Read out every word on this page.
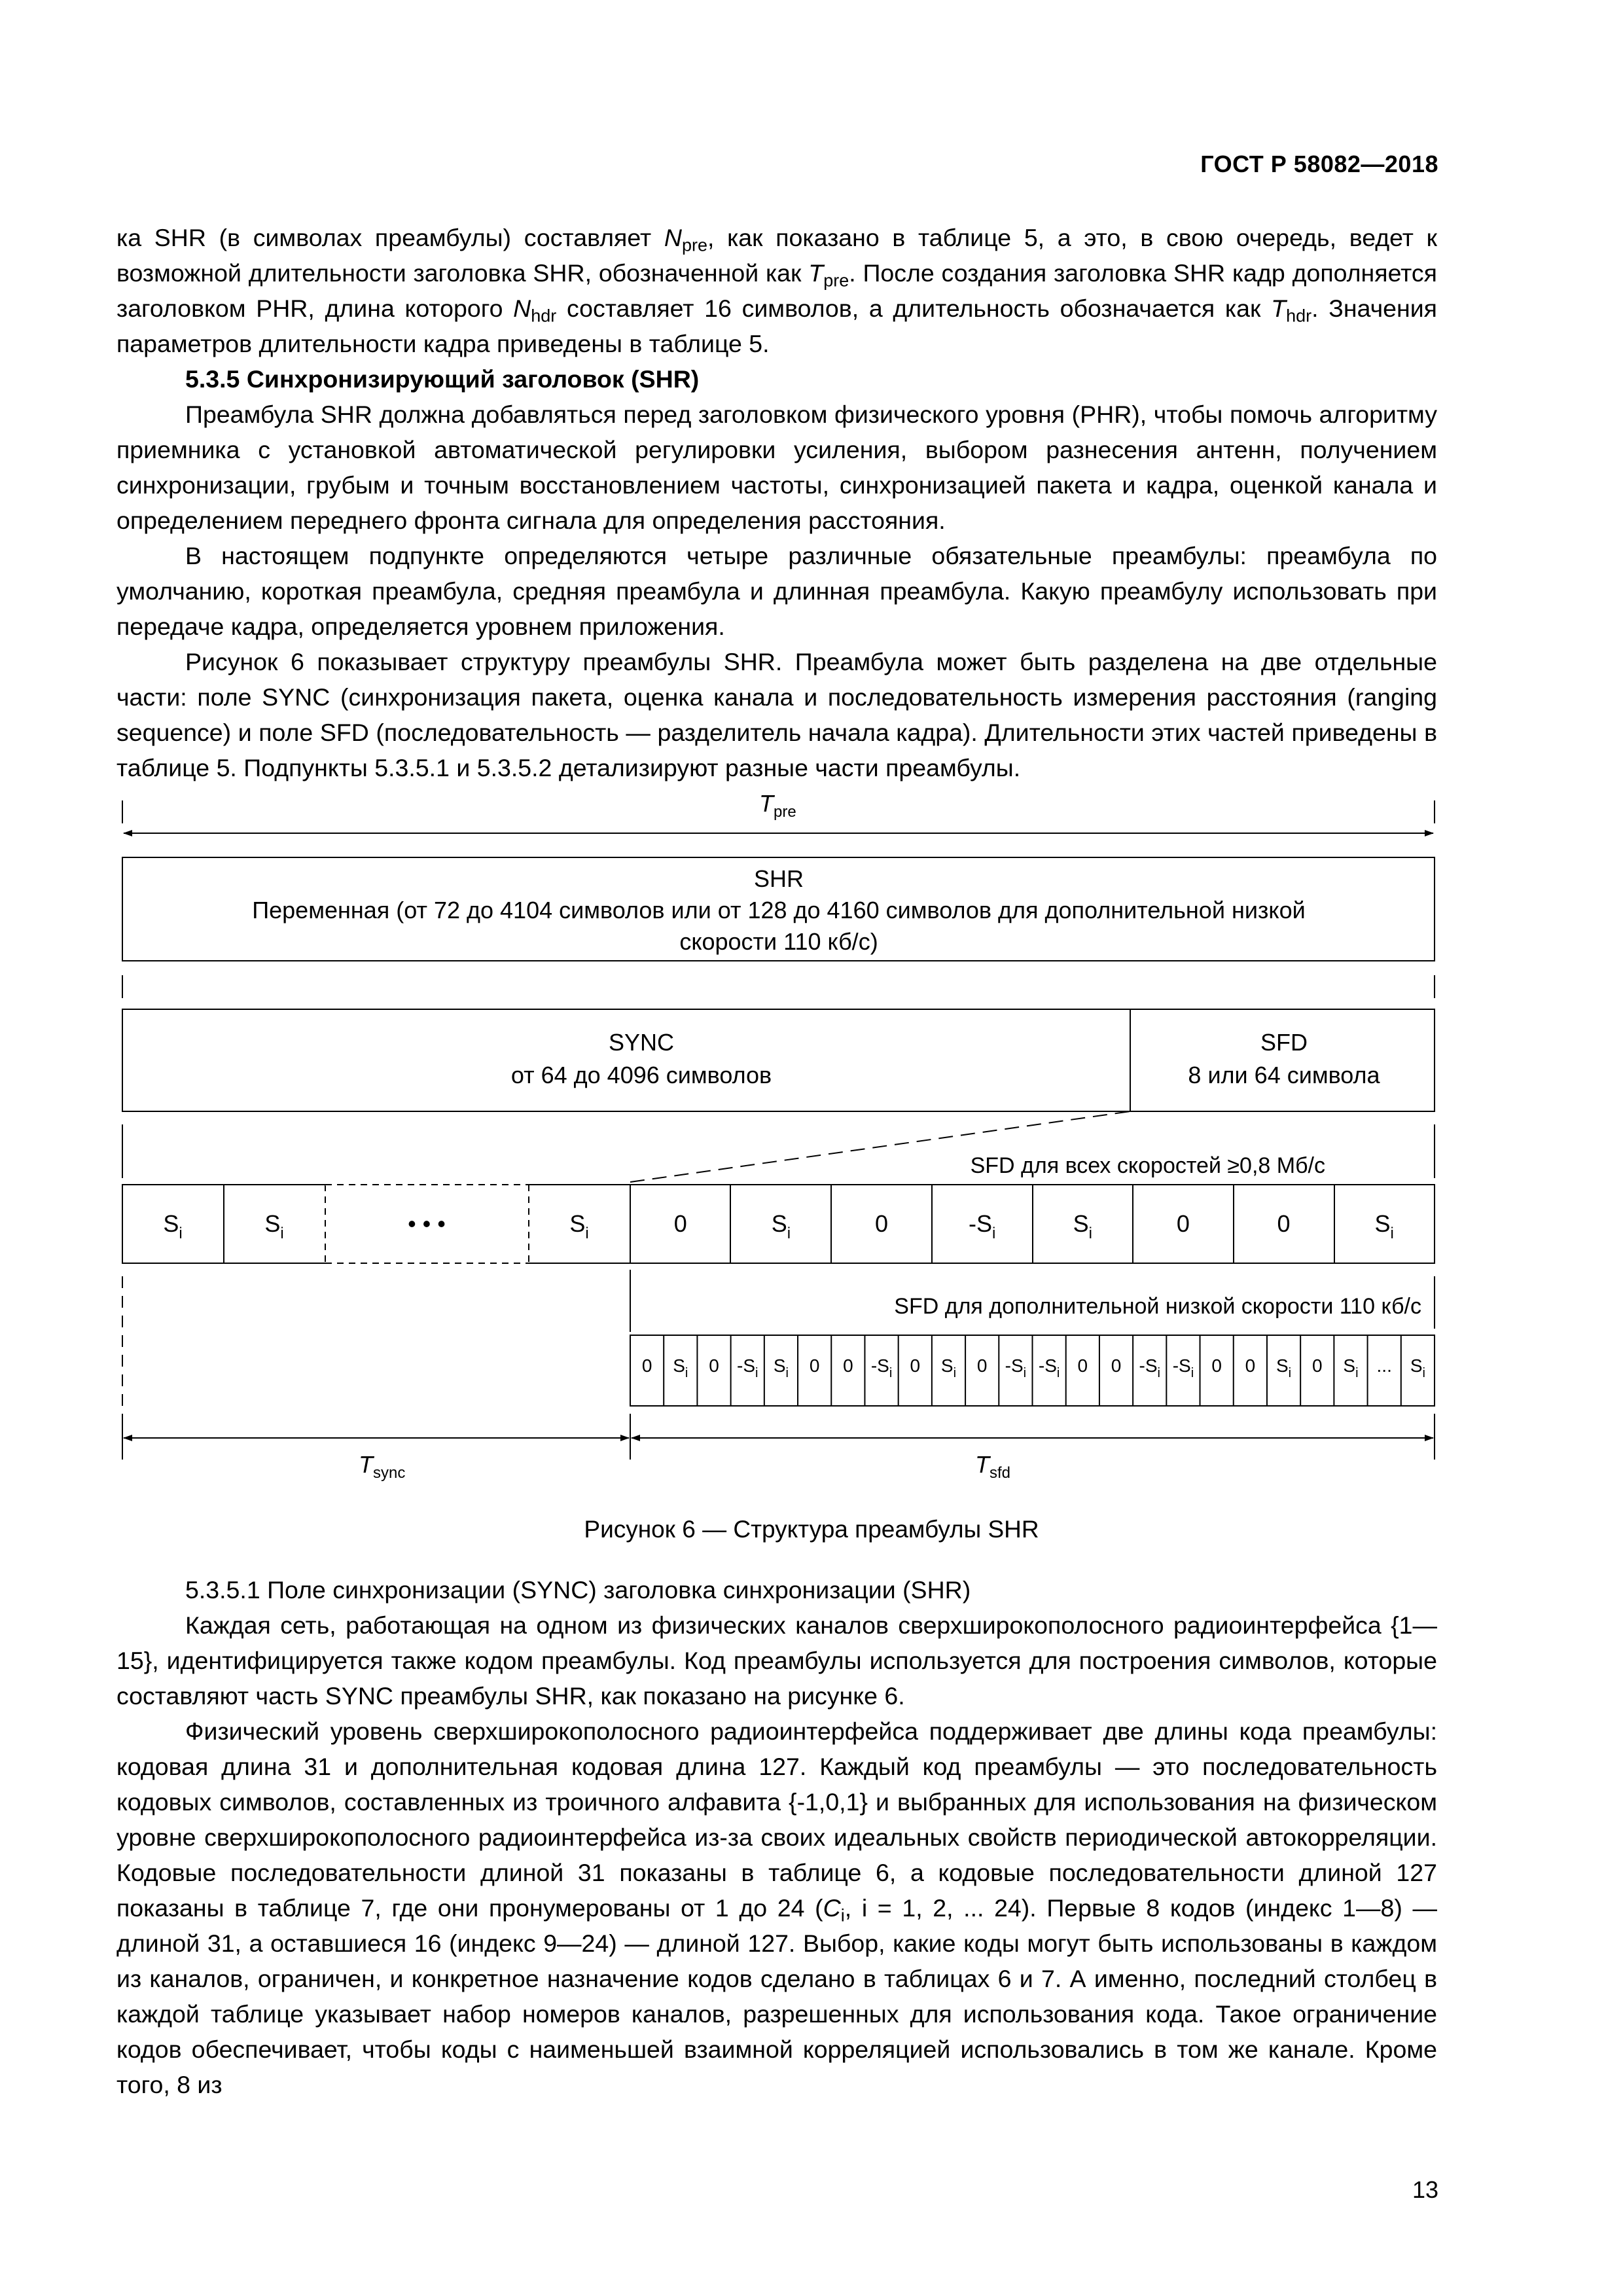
ГОСТ Р 58082—2018

ка SHR (в символах преамбулы) составляет $N_{pre}$, как показано в таблице 5, а это, в свою очередь, ведет к возможной длительности заголовка SHR, обозначенной как $T_{pre}$. После создания заголовка SHR кадр дополняется заголовком PHR, длина которого $N_{hdr}$ составляет 16 символов, а длительность обозначается как $T_{hdr}$. Значения параметров длительности кадра приведены в таблице 5.

5.3.5 Синхронизирующий заголовок (SHR)

Преамбула SHR должна добавляться перед заголовком физического уровня (PHR), чтобы помочь алгоритму приемника с установкой автоматической регулировки усиления, выбором разнесения антенн, получением синхронизации, грубым и точным восстановлением частоты, синхронизацией пакета и кадра, оценкой канала и определением переднего фронта сигнала для определения расстояния.

В настоящем подпункте определяются четыре различные обязательные преамбулы: преамбула по умолчанию, короткая преамбула, средняя преамбула и длинная преамбула. Какую преамбулу использовать при передаче кадра, определяется уровнем приложения.

Рисунок 6 показывает структуру преамбулы SHR. Преамбула может быть разделена на две отдельные части: поле SYNC (синхронизация пакета, оценка канала и последовательность измерения расстояния (ranging sequence) и поле SFD (последовательность — разделитель начала кадра). Длительности этих частей приведены в таблице 5. Подпункты 5.3.5.1 и 5.3.5.2 детализируют разные части преамбулы.

$T_{pre}$
SHR
Переменная (от 72 до 4104 символов или от 128 до 4160 символов для дополнительной низкой
скорости 110 кб/с)
SYNC
от 64 до 4096 символов
SFD
8 или 64 символа
SFD для всех скоростей ≥0,8 Мб/с
SFD для дополнительной низкой скорости 110 кб/с
$S_i$	$S_i$	• • •	$S_i$	0	$S_i$	0	$-S_i$	$S_i$	0	0	$S_i$
0 $S_i$ 0 $-S_i$ $S_i$ 0 0 $-S_i$ 0 $S_i$ 0 $-S_i$ $-S_i$ 0 0 $-S_i$ $-S_i$ 0 0 $S_i$ 0 $S_i$ ... $S_i$
$T_{sync}$	$T_{sfd}$
Рисунок 6 — Структура преамбулы SHR

5.3.5.1 Поле синхронизации (SYNC) заголовка синхронизации (SHR)

Каждая сеть, работающая на одном из физических каналов сверхширокополосного радиоинтерфейса {1—15}, идентифицируется также кодом преамбулы. Код преамбулы используется для построения символов, которые составляют часть SYNC преамбулы SHR, как показано на рисунке 6.

Физический уровень сверхширокополосного радиоинтерфейса поддерживает две длины кода преамбулы: кодовая длина 31 и дополнительная кодовая длина 127. Каждый код преамбулы — это последовательность кодовых символов, составленных из троичного алфавита {-1,0,1} и выбранных для использования на физическом уровне сверхширокополосного радиоинтерфейса из-за своих идеальных свойств периодической автокорреляции. Кодовые последовательности длиной 31 показаны в таблице 6, а кодовые последовательности длиной 127 показаны в таблице 7, где они пронумерованы от 1 до 24 ($C_i$, i = 1, 2, ... 24). Первые 8 кодов (индекс 1—8) — длиной 31, а оставшиеся 16 (индекс 9—24) — длиной 127. Выбор, какие коды могут быть использованы в каждом из каналов, ограничен, и конкретное назначение кодов сделано в таблицах 6 и 7. А именно, последний столбец в каждой таблице указывает набор номеров каналов, разрешенных для использования кода. Такое ограничение кодов обеспечивает, чтобы коды с наименьшей взаимной корреляцией использовались в том же канале. Кроме того, 8 из

13
